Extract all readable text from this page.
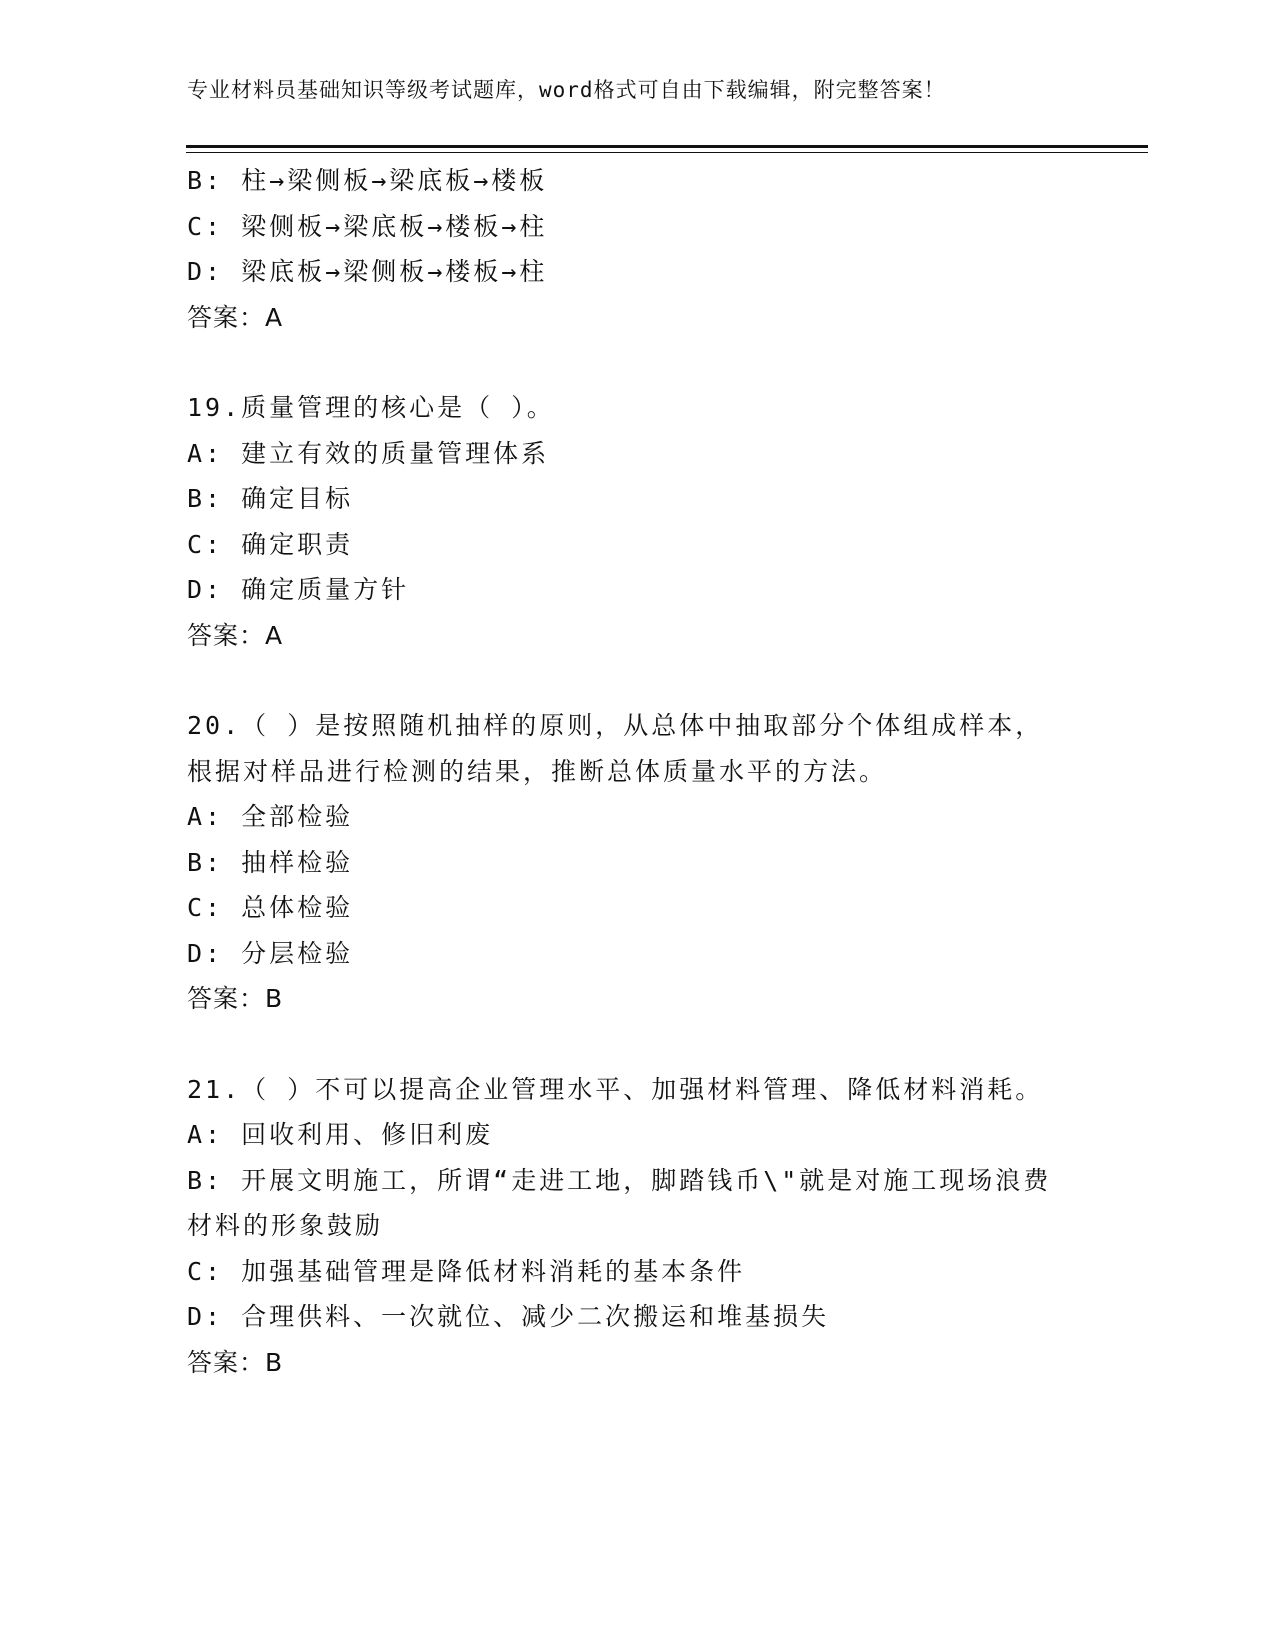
专业材料员基础知识等级考试题库，word格式可自由下载编辑，附完整答案！
B: 柱→梁侧板→梁底板→楼板
C: 梁侧板→梁底板→楼板→柱
D: 梁底板→梁侧板→楼板→柱
答案：A
19.质量管理的核心是（ ）。
A: 建立有效的质量管理体系
B: 确定目标
C: 确定职责
D: 确定质量方针
答案：A
20.（ ）是按照随机抽样的原则，从总体中抽取部分个体组成样本，
根据对样品进行检测的结果，推断总体质量水平的方法。
A: 全部检验
B: 抽样检验
C: 总体检验
D: 分层检验
答案：B
21.（ ）不可以提高企业管理水平、加强材料管理、降低材料消耗。
A: 回收利用、修旧利废
B: 开展文明施工，所谓“走进工地，脚踏钱币\"就是对施工现场浪费
材料的形象鼓励
C: 加强基础管理是降低材料消耗的基本条件
D: 合理供料、一次就位、减少二次搬运和堆基损失
答案：B
